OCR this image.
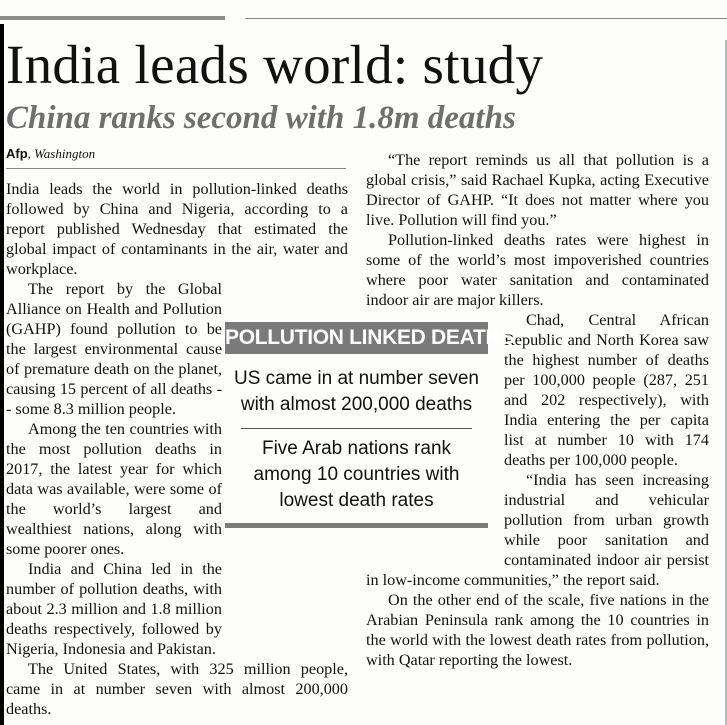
India leads world: study
China ranks second with 1.8m deaths
Afp, Washington

India leads the world in pollution-linked deaths followed by China and Nigeria, according to a report published Wednesday that estimated the global impact of contaminants in the air, water and workplace.

The report by the Global Alliance on Health and Pollution (GAHP) found pollution to be the largest environmental cause of premature death on the planet, causing 15 percent of all deaths -- some 8.3 million people.

Among the ten countries with the most pollution deaths in 2017, the latest year for which data was available, were some of the world’s largest and wealthiest nations, along with some poorer ones.

India and China led in the number of pollution deaths, with about 2.3 million and 1.8 million deaths respectively, followed by Nigeria, Indonesia and Pakistan.

The United States, with 325 million people, came in at number seven with almost 200,000 deaths.

“The report reminds us all that pollution is a global crisis,” said Rachael Kupka, acting Executive Director of GAHP. “It does not matter where you live. Pollution will find you.”

Pollution-linked deaths rates were highest in some of the world’s most impoverished countries where poor water sanitation and contaminated indoor air are major killers.

Chad, Central African Republic and North Korea saw the highest number of deaths per 100,000 people (287, 251 and 202 respectively), with India entering the per capita list at number 10 with 174 deaths per 100,000 people.

“India has seen increasing industrial and vehicular pollution from urban growth while poor sanitation and contaminated indoor air persist in low-income communities,” the report said.

On the other end of the scale, five nations in the Arabian Peninsula rank among the 10 countries in the world with the lowest death rates from pollution, with Qatar reporting the lowest.

POLLUTION LINKED DEATHS
US came in at number seven with almost 200,000 deaths
Five Arab nations rank among 10 countries with lowest death rates
